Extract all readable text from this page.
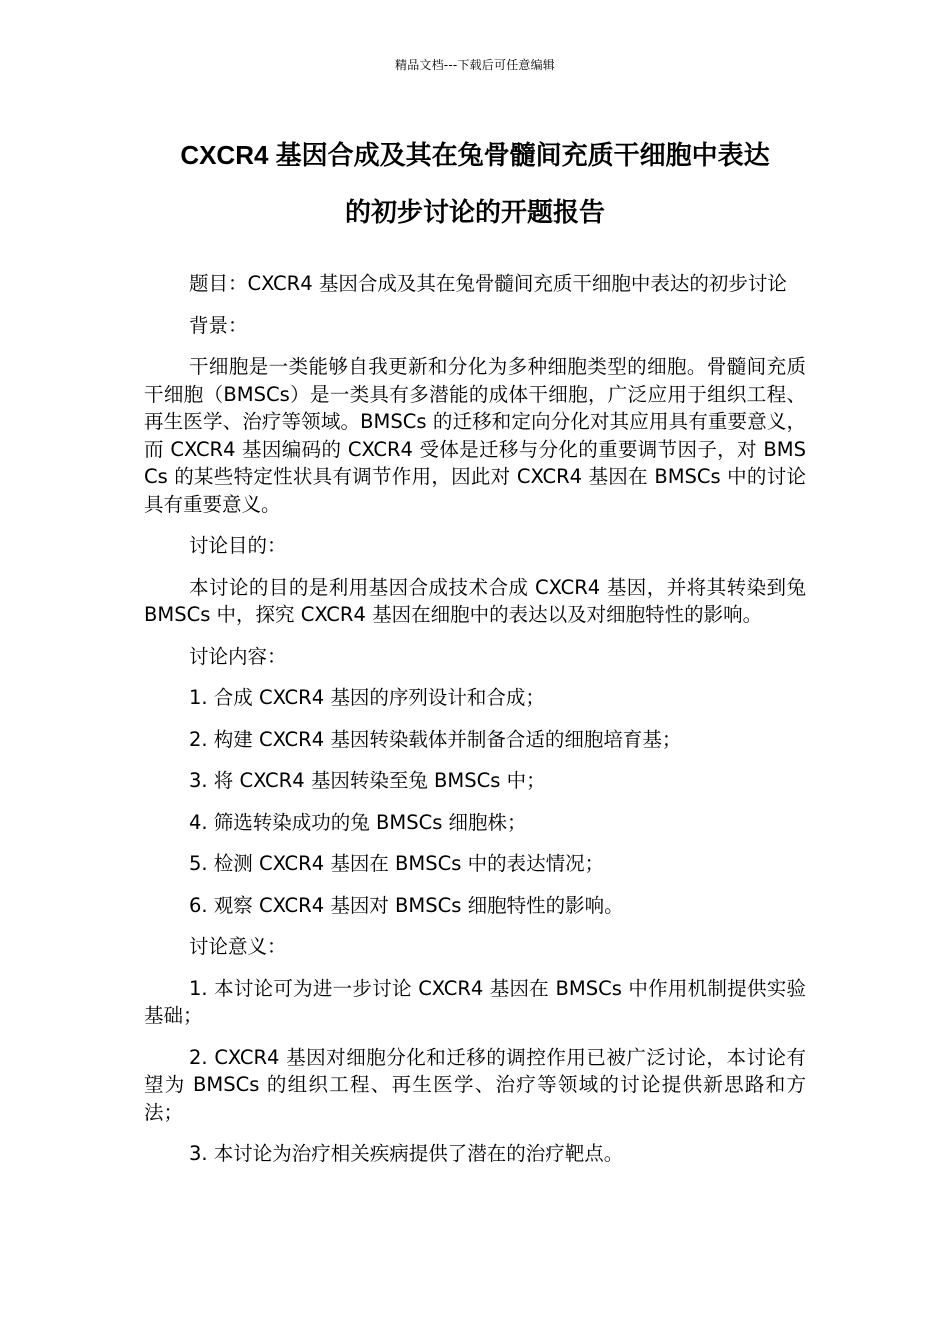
精品文档---下载后可任意编辑
CXCR4 基因合成及其在兔骨髓间充质干细胞中表达
的初步讨论的开题报告

题目：CXCR4 基因合成及其在兔骨髓间充质干细胞中表达的初步讨论

背景：

干细胞是一类能够自我更新和分化为多种细胞类型的细胞。骨髓间充质干细胞（BMSCs）是一类具有多潜能的成体干细胞，广泛应用于组织工程、再生医学、治疗等领域。BMSCs 的迁移和定向分化对其应用具有重要意义，而 CXCR4 基因编码的 CXCR4 受体是迁移与分化的重要调节因子，对 BMSCs 的某些特定性状具有调节作用，因此对 CXCR4 基因在 BMSCs 中的讨论具有重要意义。

讨论目的：

本讨论的目的是利用基因合成技术合成 CXCR4 基因，并将其转染到兔 BMSCs 中，探究 CXCR4 基因在细胞中的表达以及对细胞特性的影响。

讨论内容：

1. 合成 CXCR4 基因的序列设计和合成；

2. 构建 CXCR4 基因转染载体并制备合适的细胞培育基；

3. 将 CXCR4 基因转染至兔 BMSCs 中；

4. 筛选转染成功的兔 BMSCs 细胞株；

5. 检测 CXCR4 基因在 BMSCs 中的表达情况；

6. 观察 CXCR4 基因对 BMSCs 细胞特性的影响。

讨论意义：

1. 本讨论可为进一步讨论 CXCR4 基因在 BMSCs 中作用机制提供实验基础；

2. CXCR4 基因对细胞分化和迁移的调控作用已被广泛讨论，本讨论有望为 BMSCs 的组织工程、再生医学、治疗等领域的讨论提供新思路和方法；

3. 本讨论为治疗相关疾病提供了潜在的治疗靶点。
